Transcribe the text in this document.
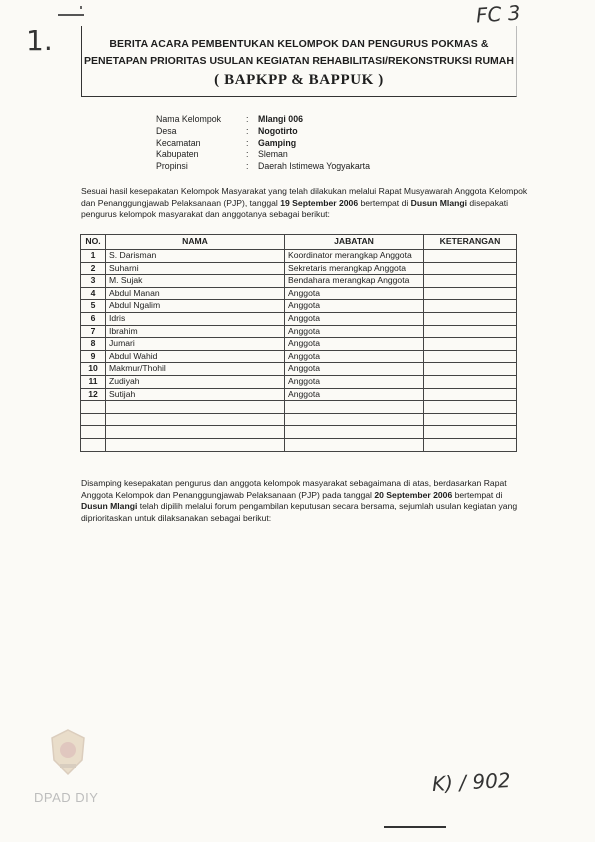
1.
FC 3
BERITA ACARA PEMBENTUKAN KELOMPOK DAN PENGURUS POKMAS &
PENETAPAN PRIORITAS USULAN KEGIATAN REHABILITASI/REKONSTRUKSI RUMAH
( BAPKPP & BAPPUK )
Nama Kelompok	: Mlangi 006
Desa	: Nogotirto
Kecamatan	: Gamping
Kabupaten	: Sleman
Propinsi	: Daerah Istimewa Yogyakarta
Sesuai hasil kesepakatan Kelompok Masyarakat yang telah dilakukan melalui Rapat Musyawarah Anggota Kelompok dan Penanggungjawab Pelaksanaan (PJP), tanggal 19 September 2006 bertempat di Dusun Mlangi disepakati pengurus kelompok masyarakat dan anggotanya sebagai berikut:
NO.	NAMA	JABATAN	KETERANGAN
1	S. Darisman	Koordinator merangkap Anggota	
2	Suharni	Sekretaris merangkap Anggota	
3	M. Sujak	Bendahara merangkap Anggota	
4	Abdul Manan	Anggota	
5	Abdul Ngalim	Anggota	
6	Idris	Anggota	
7	Ibrahim	Anggota	
8	Jumari	Anggota	
9	Abdul Wahid	Anggota	
10	Makmur/Thohil	Anggota	
11	Zudiyah	Anggota	
12	Sutijah	Anggota	

Disamping kesepakatan pengurus dan anggota kelompok masyarakat sebagaimana di atas, berdasarkan Rapat Anggota Kelompok dan Penanggungjawab Pelaksanaan (PJP) pada tanggal 20 September 2006 bertempat di Dusun Mlangi telah dipilih melalui forum pengambilan keputusan secara bersama, sejumlah usulan kegiatan yang diprioritaskan untuk dilaksanakan sebagai berikut:
DPAD DIY
K) / 902
